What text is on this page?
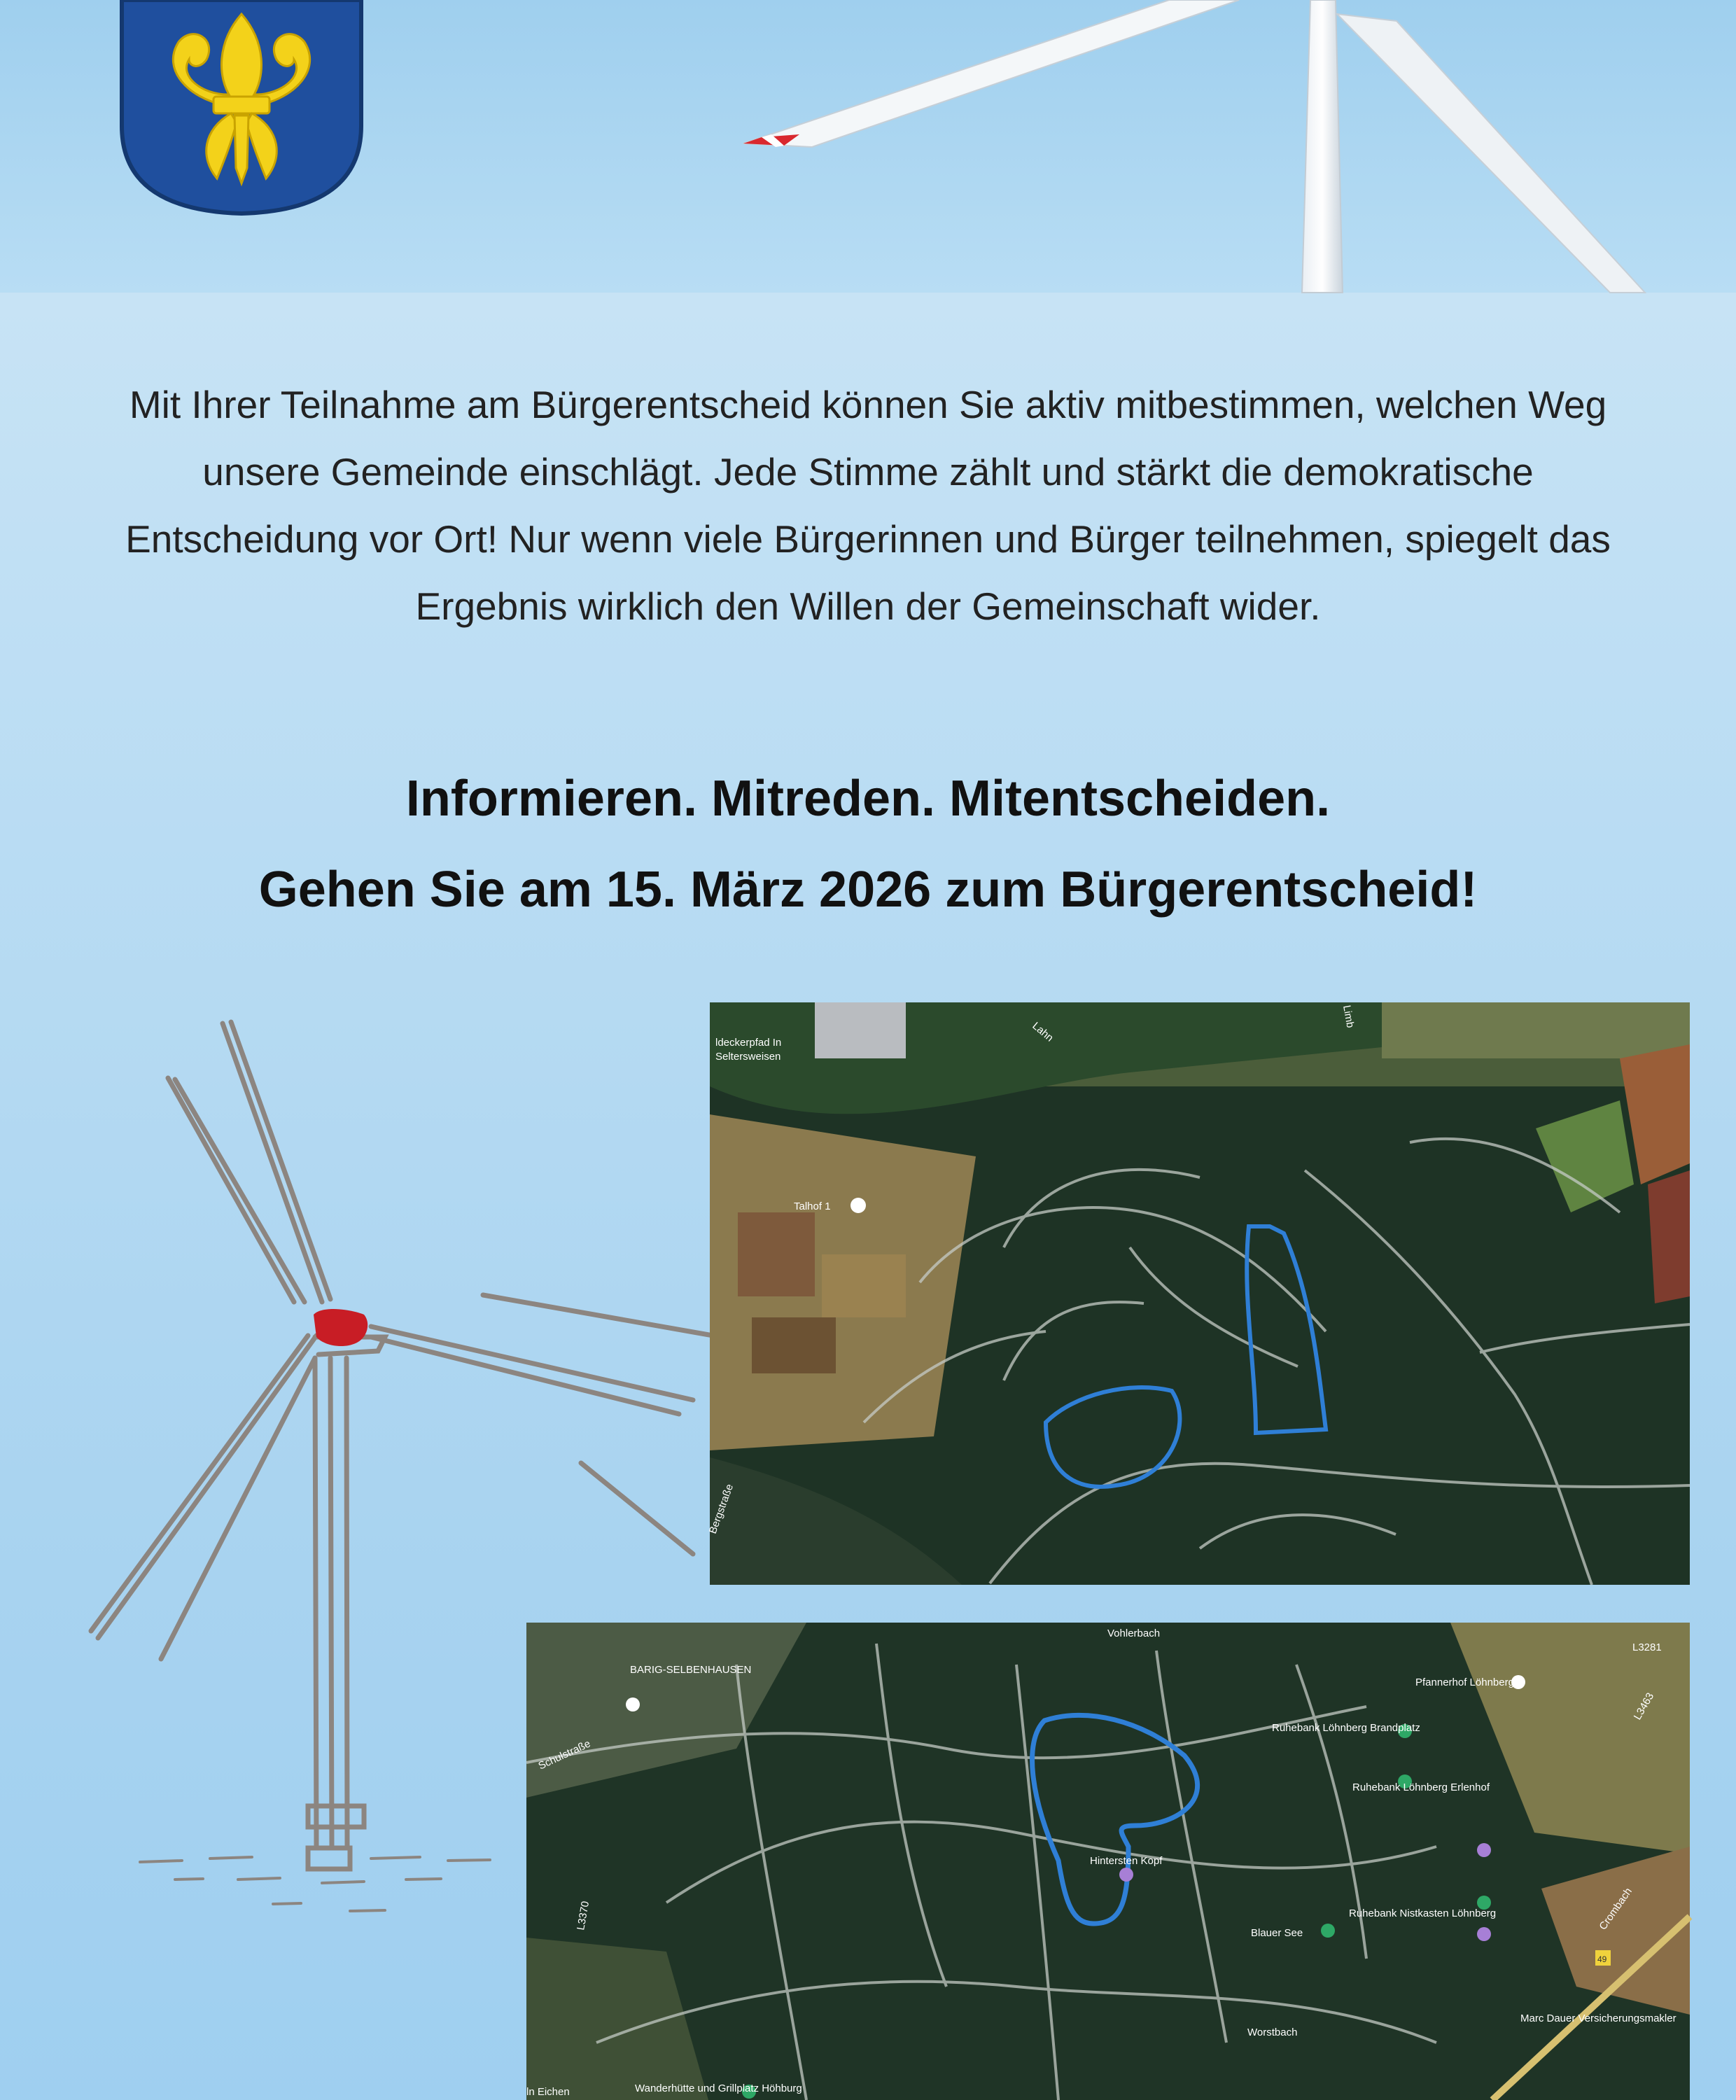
Mit Ihrer Teilnahme am Bürgerentscheid können Sie aktiv mitbestimmen, welchen Weg unsere Gemeinde einschlägt. Jede Stimme zählt und stärkt die demokratische Entscheidung vor Ort! Nur wenn viele Bürgerinnen und Bürger teilnehmen, spiegelt das Ergebnis wirklich den Willen der Gemeinschaft wider.

Informieren. Mitreden. Mitentscheiden.
Gehen Sie am 15. März 2026 zum Bürgerentscheid!
Talhof 1
Lahn
Limb
Seltersweisen
ldeckerpfad In
Bergstraße
BARIG-SELBENHAUSEN
Schulstraße
L3370
Wanderhütte und Grillplatz Höhburg
ln Eichen
Hintersten Kopf
Pfannerhof Löhnberg
Ruhebank Löhnberg Brandplatz
Ruhebank Löhnberg Erlenhof
Ruhebank Nistkasten Löhnberg
Blauer See
Worstbach
Crombach
Marc Dauer Versicherungsmakler
Vohlerbach
L3281
L3463
49
